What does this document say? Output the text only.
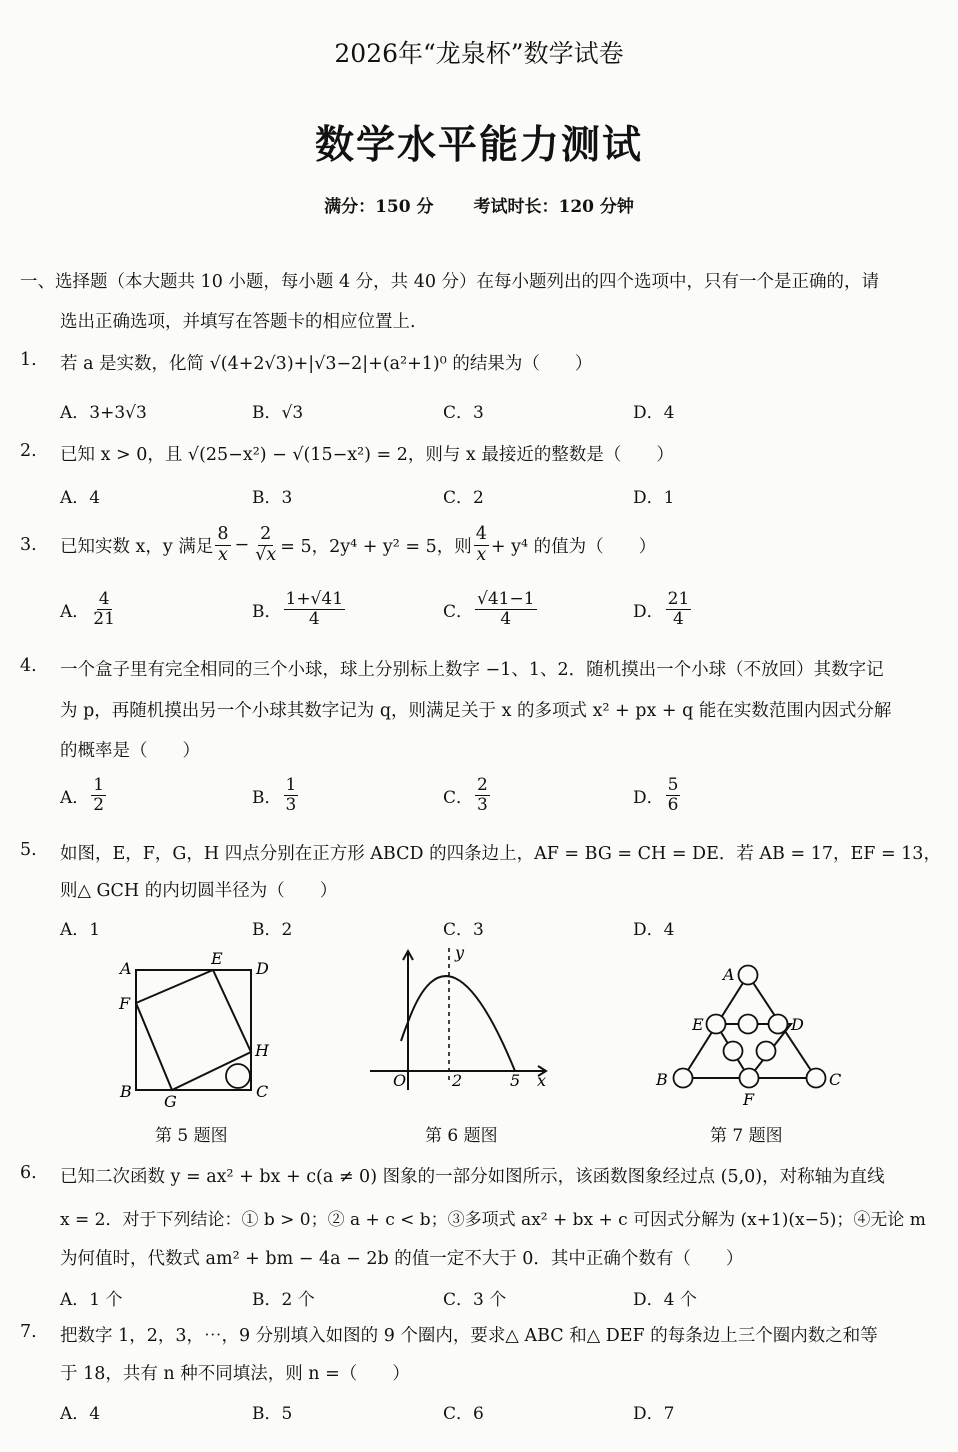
2026年“龙泉杯”数学试卷
数学水平能力测试
满分：150 分 考试时长：120 分钟
一、选择题（本大题共 10 小题，每小题 4 分，共 40 分）在每小题列出的四个选项中，只有一个是正确的，请
选出正确选项，并填写在答题卡的相应位置上.
1. 若 a 是实数，化简 √(4+2√3)+|√3−2|+(a²+1)⁰ 的结果为（　　）
A．3+3√3	B．√3	C．3	D．4
2. 已知 x > 0，且 √(25−x²) − √(15−x²) = 2，则与 x 最接近的整数是（　　）
A．4	B．3	C．2	D．1
3. 已知实数 x，y 满足 $\frac{8}{x} - \frac{2}{√x} = 5$，2y⁴ + y² = 5，则 $\frac{4}{x} + y^4$ 的值为（　　）
A． $\frac{4}{21}$	B． $\frac{1+√41}{4}$	C． $\frac{√41-1}{4}$	D． $\frac{21}{4}$
4. 一个盒子里有完全相同的三个小球，球上分别标上数字 −1、1、2．随机摸出一个小球（不放回）其数字记
为 p，再随机摸出另一个小球其数字记为 q，则满足关于 x 的多项式 x² + px + q 能在实数范围内因式分解
的概率是（　　）
A． $\frac{1}{2}$	B． $\frac{1}{3}$	C． $\frac{2}{3}$	D． $\frac{5}{6}$
5. 如图，E，F，G，H 四点分别在正方形 ABCD 的四条边上，AF = BG = CH = DE．若 AB = 17，EF = 13，
则△ GCH 的内切圆半径为（　　）
A．1	B．2	C．3	D．4
A
E
D
F
H
B
G
C
第 5 题图
y
O	2	5 x
第 6 题图
A
E	D
B
F
C
第 7 题图
6. 已知二次函数 y = ax² + bx + c(a ≠ 0) 图象的一部分如图所示，该函数图象经过点 (5,0)，对称轴为直线
x = 2．对于下列结论：① b > 0；② a + c < b；③多项式 ax² + bx + c 可因式分解为 (x+1)(x−5)；④无论 m
为何值时，代数式 am² + bm − 4a − 2b 的值一定不大于 0．其中正确个数有（　　）
A．1 个	B．2 个	C．3 个	D．4 个
7. 把数字 1，2，3，⋯，9 分别填入如图的 9 个圈内，要求△ ABC 和△ DEF 的每条边上三个圈内数之和等
于 18，共有 n 种不同填法，则 n =（　　）
A．4	B．5	C．6	D．7
